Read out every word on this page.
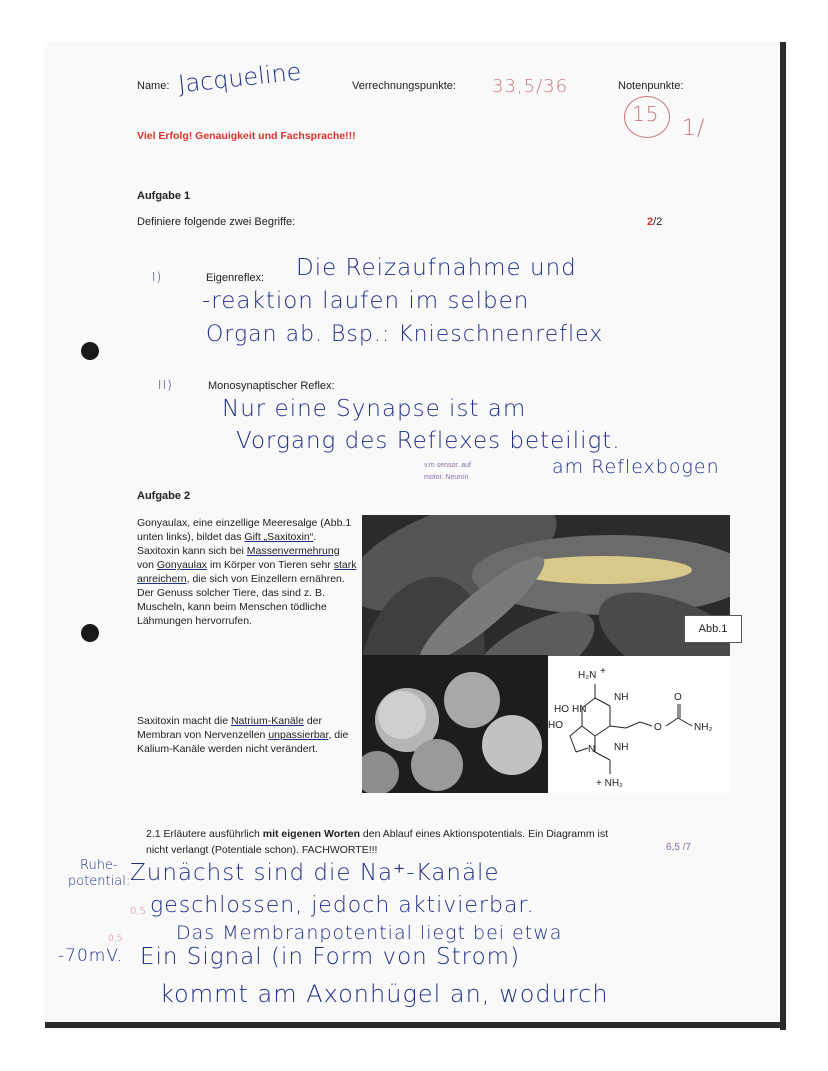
Name: Jacqueline	Verrechnungspunkte: 33,5/36	Notenpunkte:
15
1/
Viel Erfolg! Genauigkeit und Fachsprache!!!
Aufgabe 1
Definiere folgende zwei Begriffe:	2/2
I)	Eigenreflex: Die Reizaufnahme und
-reaktion laufen im selben
Organ ab. Bsp.: Knieschnenreflex
II)	Monosynaptischer Reflex:
Nur eine Synapse ist am
Vorgang des Reflexes beteiligt.
am Reflexbogen
v.m sensor. auf
motor. Neuron
Aufgabe 2
Gonyaulax, eine einzellige Meeresalge (Abb.1 unten links), bildet das Gift „Saxitoxin“. Saxitoxin kann sich bei Massenvermehrung von Gonyaulax im Körper von Tieren sehr stark anreichern, die sich von Einzellern ernähren. Der Genuss solcher Tiere, das sind z. B. Muscheln, kann beim Menschen tödliche Lähmungen hervorrufen.
Saxitoxin macht die Natrium-Kanäle der Membran von Nervenzellen unpassierbar, die Kalium-Kanäle werden nicht verändert.
Abb.1
H₂N +
NH
HO HN
O
O	NH₂
HO
N NH
+ NH₂
2.1 Erläutere ausführlich mit eigenen Worten den Ablauf eines Aktionspotentials. Ein Diagramm ist
nicht verlangt (Potentiale schon). FACHWORTE!!!	6,5 /7
Ruhe-
potential: Zunächst sind die Na⁺-Kanäle
0,5 geschlossen, jedoch aktivierbar.
0,5	Das Membranpotential liegt bei etwa
-70mV. Ein Signal (in Form von Strom)
kommt am Axonhügel an, wodurch
